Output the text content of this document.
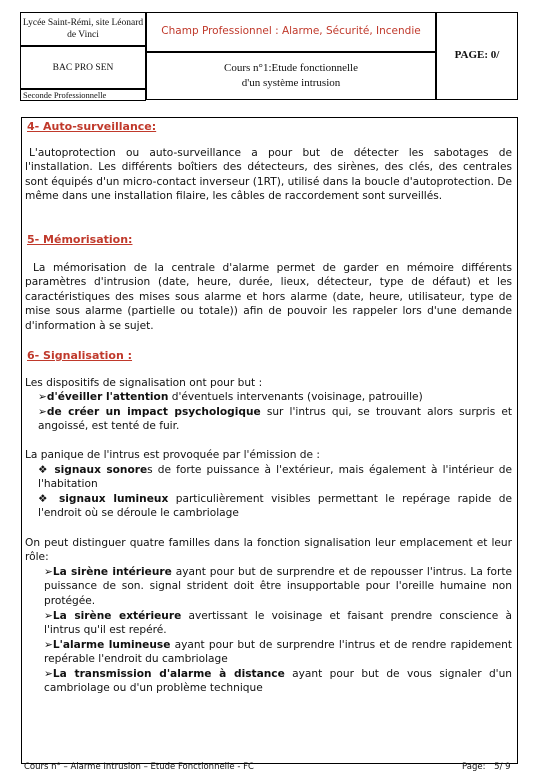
Lycée Saint-Rémi, site Léonard de Vinci
BAC PRO SEN
Seconde Professionnelle
Champ Professionnel : Alarme, Sécurité, Incendie
Cours n°1:Etude fonctionnelle
d'un système intrusion
PAGE: 0/
4- Auto-surveillance:

L'autoprotection ou auto-surveillance a pour but de détecter les sabotages de l'installation. Les différents boîtiers des détecteurs, des sirènes, des clés, des centrales sont équipés d'un micro-contact inverseur (1RT), utilisé dans la boucle d'autoprotection. De même dans une installation filaire, les câbles de raccordement sont surveillés.

5- Mémorisation:

La mémorisation de la centrale d'alarme permet de garder en mémoire différents paramètres d'intrusion (date, heure, durée, lieux, détecteur, type de défaut) et les caractéristiques des mises sous alarme et hors alarme (date, heure, utilisateur, type de mise sous alarme (partielle ou totale)) afin de pouvoir les rappeler lors d'une demande d'information à se sujet.

6- Signalisation :
Les dispositifs de signalisation ont pour but :
➢d'éveiller l'attention d'éventuels intervenants (voisinage, patrouille)
➢de créer un impact psychologique sur l'intrus qui, se trouvant alors surpris et angoissé, est tenté de fuir.
La panique de l'intrus est provoquée par l'émission de :
❖ signaux sonores de forte puissance à l'extérieur, mais également à l'intérieur de l'habitation
❖ signaux lumineux particulièrement visibles permettant le repérage rapide de l'endroit où se déroule le cambriolage

On peut distinguer quatre familles dans la fonction signalisation leur emplacement et leur rôle:

➢La sirène intérieure ayant pour but de surprendre et de repousser l'intrus. La forte puissance de son. signal strident doit être insupportable pour l'oreille humaine non protégée.
➢La sirène extérieure avertissant le voisinage et faisant prendre conscience à l'intrus qu'il est repéré.
➢L'alarme lumineuse ayant pour but de surprendre l'intrus et de rendre rapidement repérable l'endroit du cambriolage
➢La transmission d'alarme à distance ayant pour but de vous signaler d'un cambriolage ou d'un problème technique
Cours n° – Alarme Intrusion – Etude Fonctionnelle - FC	Page: 5/ 9
